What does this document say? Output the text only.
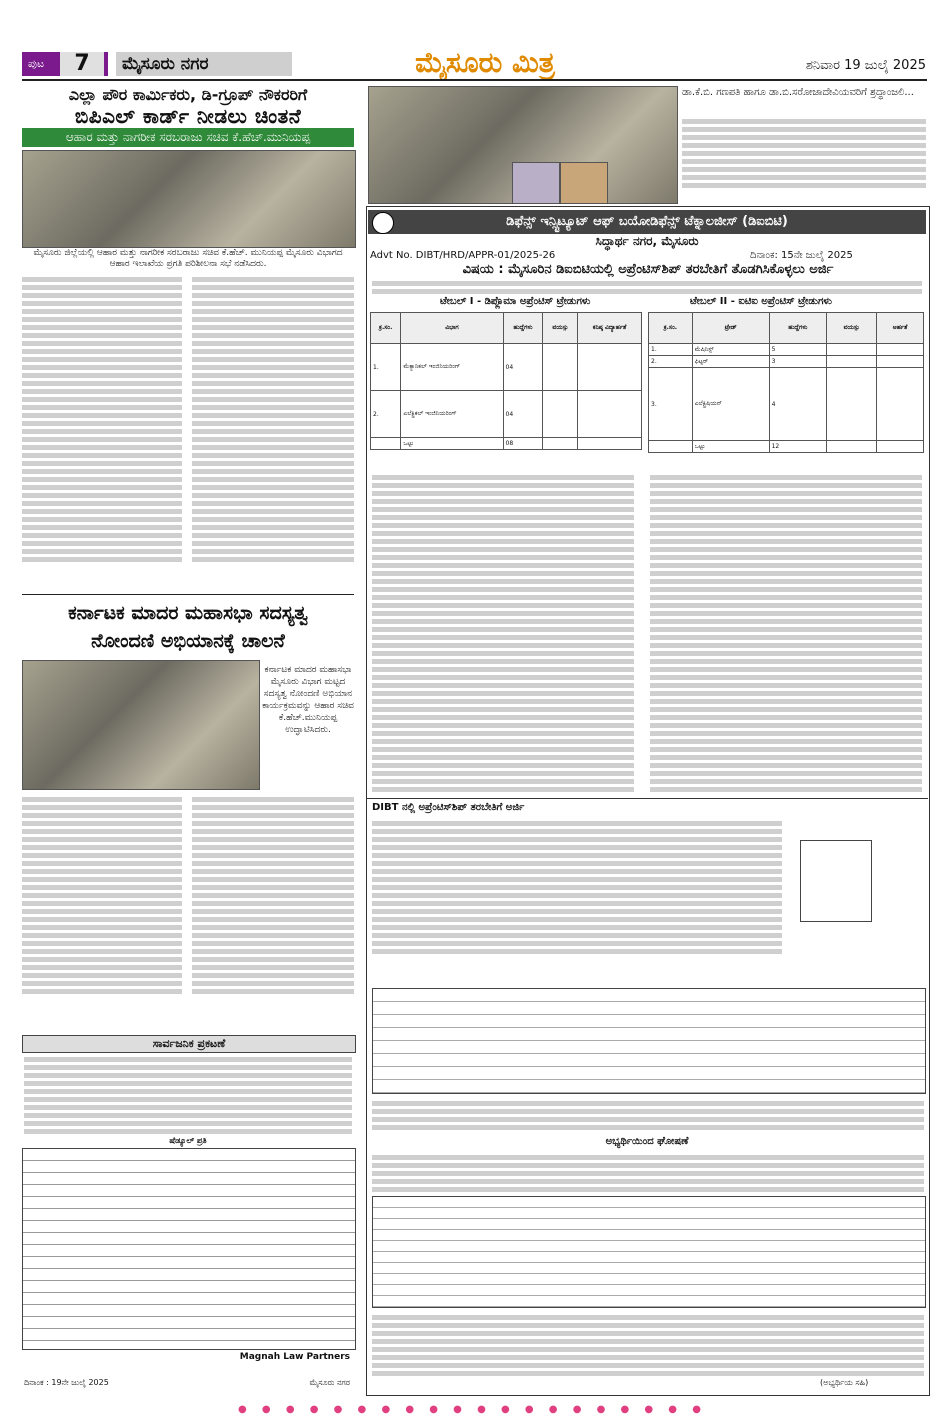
ಪುಟ	7	ಮೈಸೂರು ನಗರ	ಮೈಸೂರು ಮಿತ್ರ	ಶನಿವಾರ 19 ಜುಲೈ 2025
ಎಲ್ಲಾ ಪೌರ ಕಾರ್ಮಿಕರು, ಡಿ-ಗ್ರೂಪ್ ನೌಕರರಿಗೆ
ಬಿಪಿಎಲ್ ಕಾರ್ಡ್ ನೀಡಲು ಚಿಂತನೆ
ಆಹಾರ ಮತ್ತು ನಾಗರೀಕ ಸರಬರಾಜು ಸಚಿವ ಕೆ.ಹೆಚ್.ಮುನಿಯಪ್ಪ
ಮೈಸೂರು ಜಿಲ್ಲೆಯಲ್ಲಿ ಆಹಾರ ಮತ್ತು ನಾಗರೀಕ ಸರಬರಾಜು ಸಚಿವ ಕೆ.ಹೆಚ್. ಮುನಿಯಪ್ಪ ಮೈಸೂರು ವಿಭಾಗದ ಆಹಾರ ಇಲಾಖೆಯ ಪ್ರಗತಿ ಪರಿಶೀಲನಾ ಸಭೆ ನಡೆಸಿದರು.
ಕರ್ನಾಟಕ ಮಾದರ ಮಹಾಸಭಾ ಸದಸ್ಯತ್ವ
ನೋಂದಣಿ ಅಭಿಯಾನಕ್ಕೆ ಚಾಲನೆ
ಕರ್ನಾಟಕ ಮಾದರ ಮಹಾಸಭಾ ಮೈಸೂರು ವಿಭಾಗ ಮಟ್ಟದ ಸದಸ್ಯತ್ವ ನೋಂದಣಿ ಅಭಿಯಾನ ಕಾರ್ಯಕ್ರಮವನ್ನು ಆಹಾರ ಸಚಿವ ಕೆ.ಹೆಚ್.ಮುನಿಯಪ್ಪ ಉದ್ಘಾಟಿಸಿದರು.
ಸಾರ್ವಜನಿಕ ಪ್ರಕಟಣೆ
ಷೆಡ್ಯೂಲ್ ಪ್ರತಿ
Magnah Law Partners
ದಿನಾಂಕ : 19ನೇ ಜುಲೈ 2025	ಮೈಸೂರು ನಗರ
ಡಾ.ಕೆ.ಬಿ. ಗಣಪತಿ ಹಾಗೂ ಡಾ.ಬಿ.ಸರೋಜಾದೇವಿಯವರಿಗೆ ಶ್ರದ್ಧಾಂಜಲಿ...
ಡಿಫೆನ್ಸ್ ಇನ್ಸ್ಟಿಟ್ಯೂಟ್ ಆಫ್ ಬಯೋಡಿಫೆನ್ಸ್ ಟೆಕ್ನಾಲಜೀಸ್ (ಡಿಐಬಿಟಿ)
ಸಿದ್ಧಾರ್ಥ ನಗರ, ಮೈಸೂರು
Advt No. DIBT/HRD/APPR-01/2025-26	ದಿನಾಂಕ: 15ನೇ ಜುಲೈ 2025
ವಿಷಯ : ಮೈಸೂರಿನ ಡಿಐಬಿಟಿಯಲ್ಲಿ ಅಪ್ರೆಂಟಿಸ್‌ಶಿಪ್ ತರಬೇತಿಗೆ ತೊಡಗಿಸಿಕೊಳ್ಳಲು ಅರ್ಜಿ
ಟೇಬಲ್ I - ಡಿಪ್ಲೊಮಾ ಅಪ್ರೆಂಟಿಸ್ ಟ್ರೇಡುಗಳು	ಟೇಬಲ್ II - ಐಟಿಐ ಅಪ್ರೆಂಟಿಸ್ ಟ್ರೇಡುಗಳು
ಕ್ರ.ಸಂ.	ವಿಭಾಗ	ಹುದ್ದೆಗಳು	ವಯಸ್ಸು	ಕನಿಷ್ಠ ವಿದ್ಯಾರ್ಹತೆ
1.	ಮೆಕ್ಯಾನಿಕಲ್ ಇಂಜಿನಿಯರಿಂಗ್	04		
2.	ಎಲೆಕ್ಟ್ರಿಕಲ್ ಇಂಜಿನಿಯರಿಂಗ್	04		
	ಒಟ್ಟು	08		
ಕ್ರ.ಸಂ.	ಟ್ರೇಡ್	ಹುದ್ದೆಗಳು	ವಯಸ್ಸು	ಅರ್ಹತೆ
1.	ಮೆಷಿನಿಸ್ಟ್	5		
2.	ಫಿಟ್ಟರ್	3		
3.	ಎಲೆಕ್ಟ್ರಿಷಿಯನ್	4		
	ಒಟ್ಟು	12		
DIBT ನಲ್ಲಿ ಅಪ್ರೆಂಟಿಸ್‌ಶಿಪ್ ತರಬೇತಿಗೆ ಅರ್ಜಿ
ಅಭ್ಯರ್ಥಿಯಿಂದ ಘೋಷಣೆ
(ಅಭ್ಯರ್ಥಿಯ ಸಹಿ)
● ● ● ● ● ● ● ● ● ● ● ● ● ● ● ● ● ● ● ●
